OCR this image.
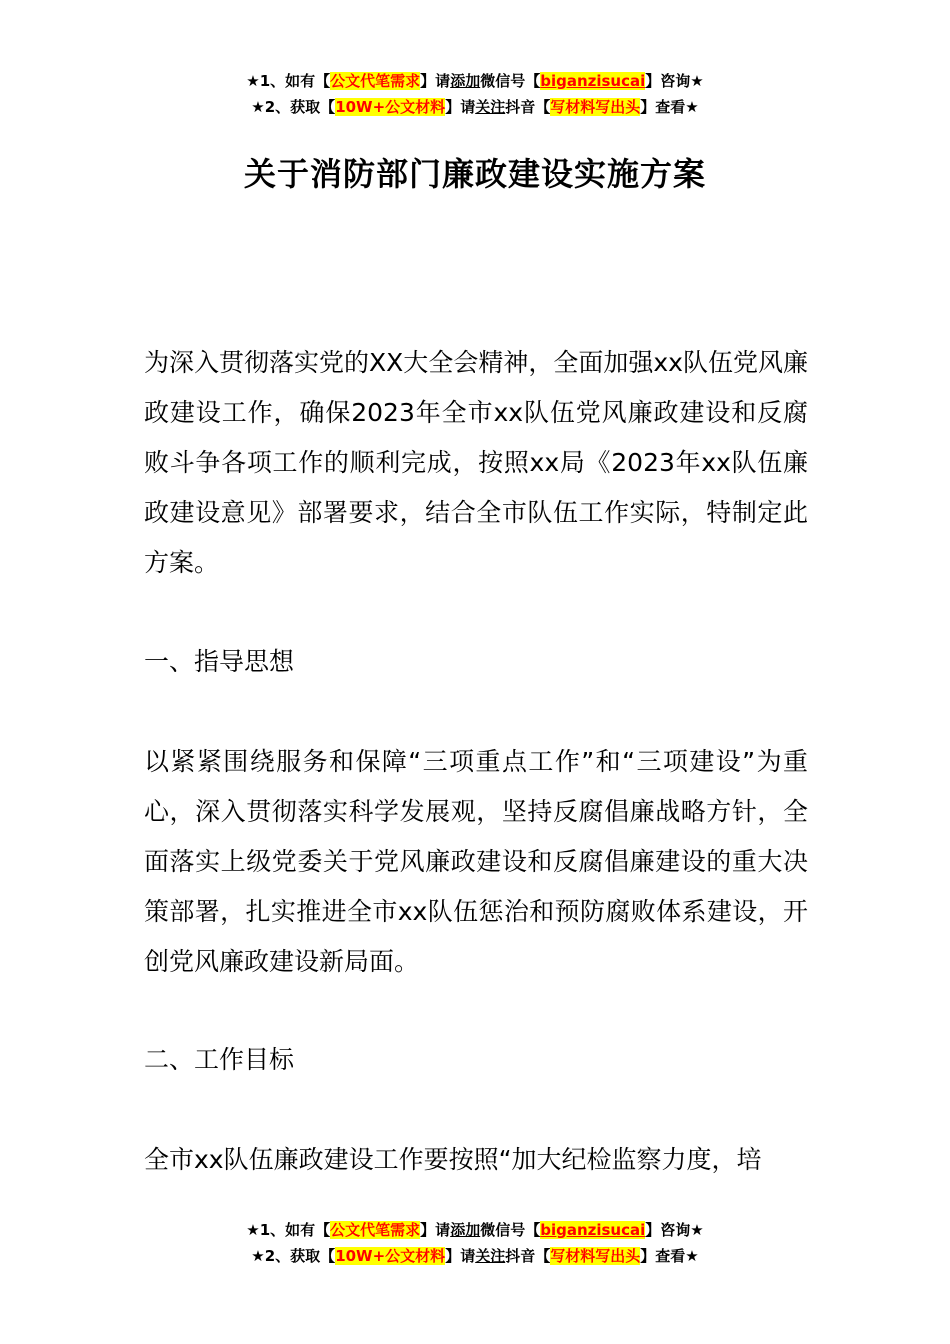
★1、如有【公文代笔需求】请添加微信号【biganzisucai】咨询★
★2、获取【10W+公文材料】请关注抖音【写材料写出头】查看★
关于消防部门廉政建设实施方案

为深入贯彻落实党的XX大全会精神，全面加强xx队伍党风廉政建设工作，确保2023年全市xx队伍党风廉政建设和反腐败斗争各项工作的顺利完成，按照xx局《2023年xx队伍廉政建设意见》部署要求，结合全市队伍工作实际，特制定此方案。

一、指导思想

以紧紧围绕服务和保障“三项重点工作”和“三项建设”为重心，深入贯彻落实科学发展观，坚持反腐倡廉战略方针，全面落实上级党委关于党风廉政建设和反腐倡廉建设的重大决策部署，扎实推进全市xx队伍惩治和预防腐败体系建设，开创党风廉政建设新局面。

二、工作目标

全市xx队伍廉政建设工作要按照“加大纪检监察力度，培

★1、如有【公文代笔需求】请添加微信号【biganzisucai】咨询★
★2、获取【10W+公文材料】请关注抖音【写材料写出头】查看★
